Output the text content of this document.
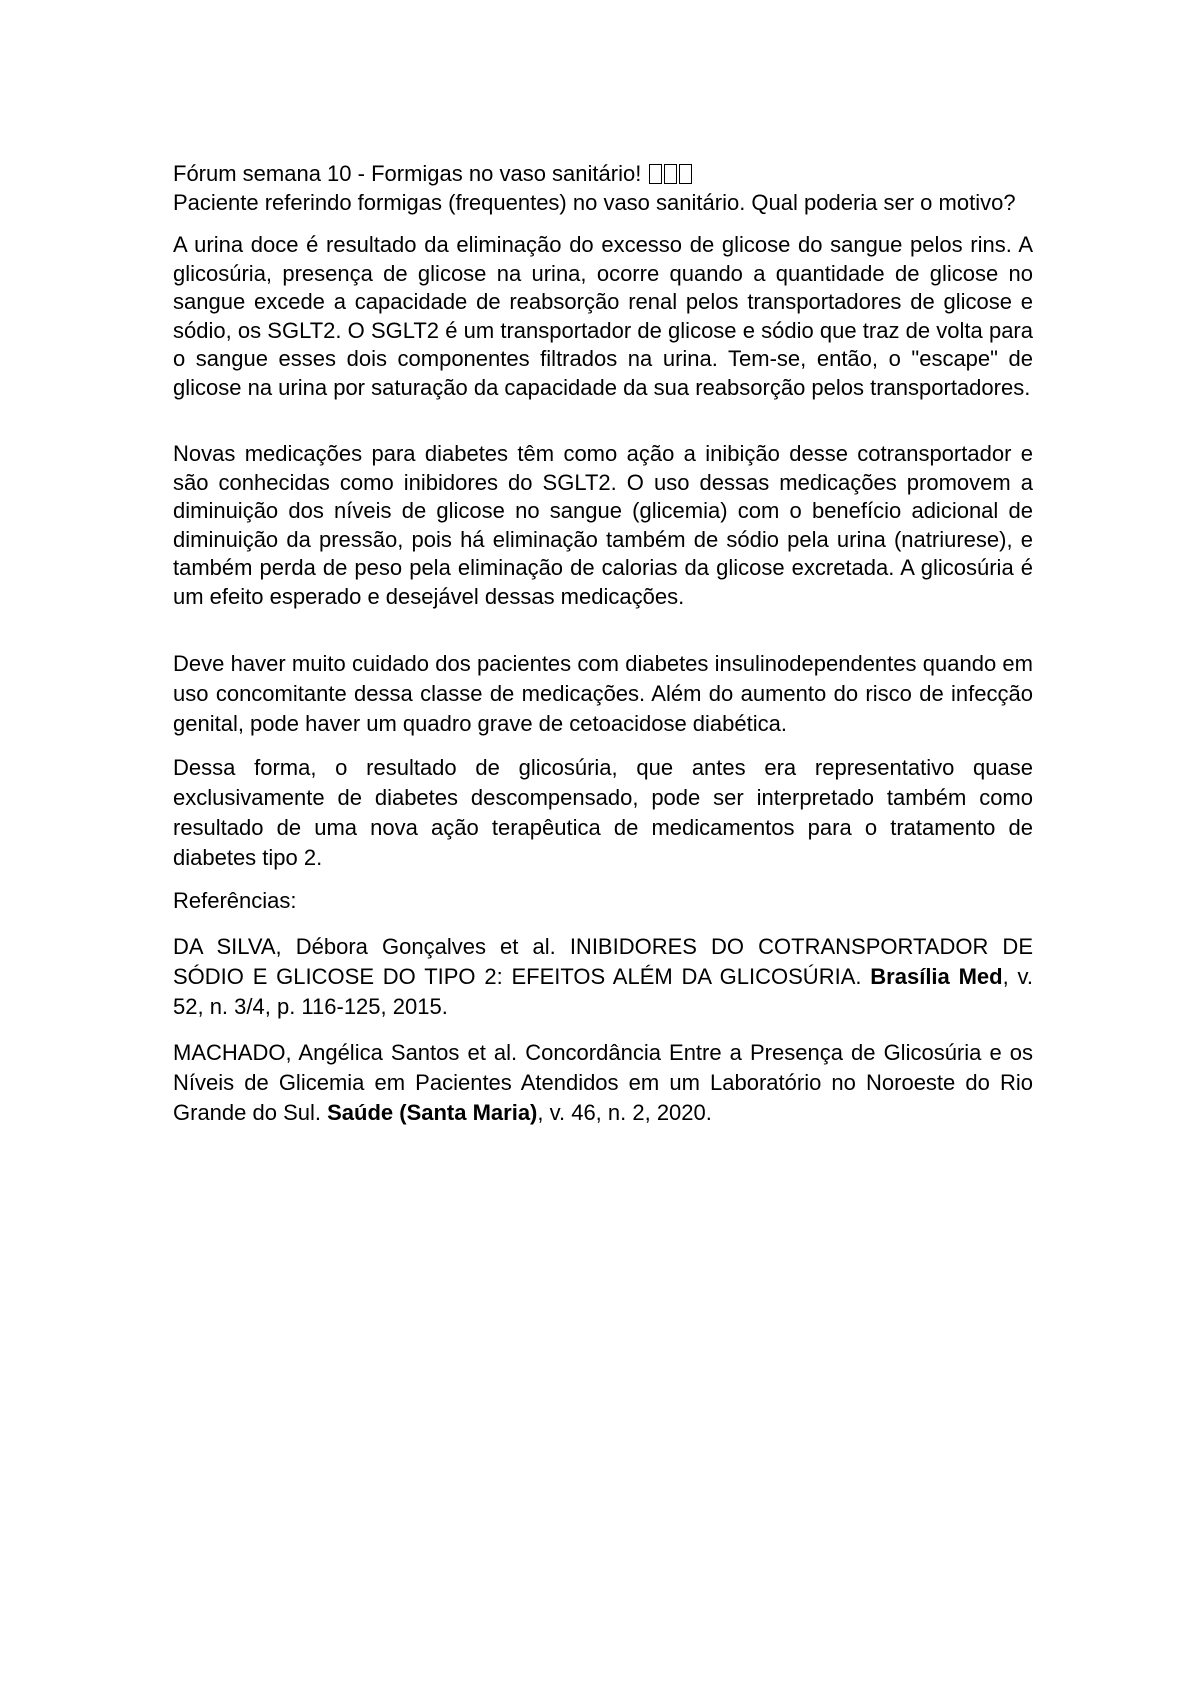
Fórum semana 10 - Formigas no vaso sanitário!

Paciente referindo formigas (frequentes) no vaso sanitário. Qual poderia ser o motivo?

A urina doce é resultado da eliminação do excesso de glicose do sangue pelos rins. A glicosúria, presença de glicose na urina, ocorre quando a quantidade de glicose no sangue excede a capacidade de reabsorção renal pelos transportadores de glicose e sódio, os SGLT2. O SGLT2 é um transportador de glicose e sódio que traz de volta para o sangue esses dois componentes filtrados na urina. Tem-se, então, o "escape" de glicose na urina por saturação da capacidade da sua reabsorção pelos transportadores.

Novas medicações para diabetes têm como ação a inibição desse cotransportador e são conhecidas como inibidores do SGLT2. O uso dessas medicações promovem a diminuição dos níveis de glicose no sangue (glicemia) com o benefício adicional de diminuição da pressão, pois há eliminação também de sódio pela urina (natriurese), e também perda de peso pela eliminação de calorias da glicose excretada. A glicosúria é um efeito esperado e desejável dessas medicações.

Deve haver muito cuidado dos pacientes com diabetes insulinodependentes quando em uso concomitante dessa classe de medicações. Além do aumento do risco de infecção genital, pode haver um quadro grave de cetoacidose diabética.

Dessa forma, o resultado de glicosúria, que antes era representativo quase exclusivamente de diabetes descompensado, pode ser interpretado também como resultado de uma nova ação terapêutica de medicamentos para o tratamento de diabetes tipo 2.

Referências:

DA SILVA, Débora Gonçalves et al. INIBIDORES DO COTRANSPORTADOR DE SÓDIO E GLICOSE DO TIPO 2: EFEITOS ALÉM DA GLICOSÚRIA. Brasília Med, v. 52, n. 3/4, p. 116-125, 2015.

MACHADO, Angélica Santos et al. Concordância Entre a Presença de Glicosúria e os Níveis de Glicemia em Pacientes Atendidos em um Laboratório no Noroeste do Rio Grande do Sul. Saúde (Santa Maria), v. 46, n. 2, 2020.
